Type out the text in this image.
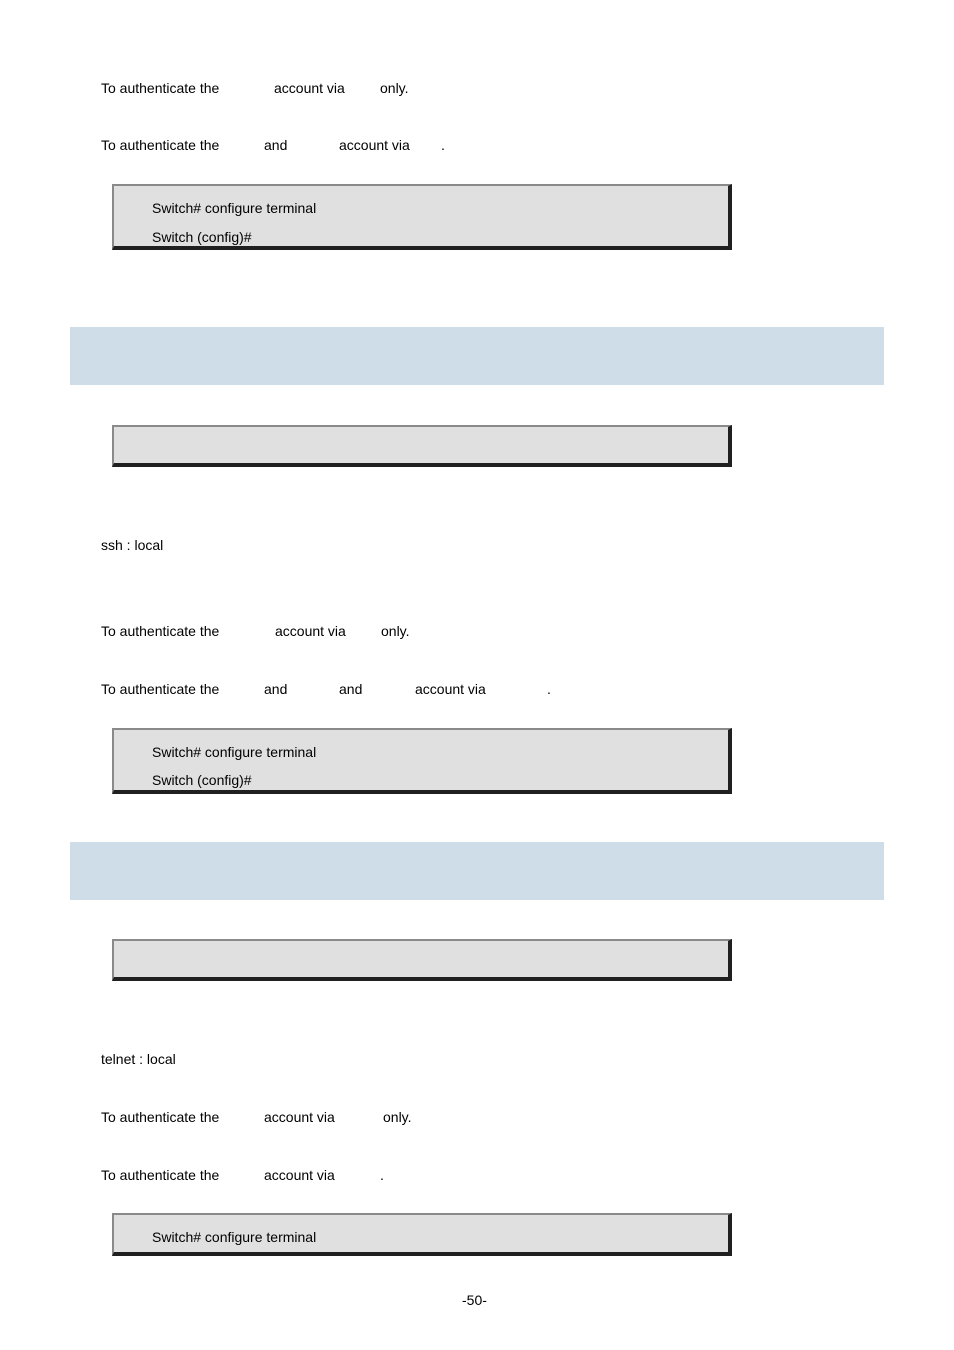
To authenticate the	account via	only.
To authenticate the	and	account via .
Switch# configure terminal
Switch (config)#
ssh : local
To authenticate the	account via	only.
To authenticate the	and	and	account via	.
Switch# configure terminal
Switch (config)#
telnet : local
To authenticate the	account via	only.
To authenticate the	account via	.
Switch# configure terminal
-50-
